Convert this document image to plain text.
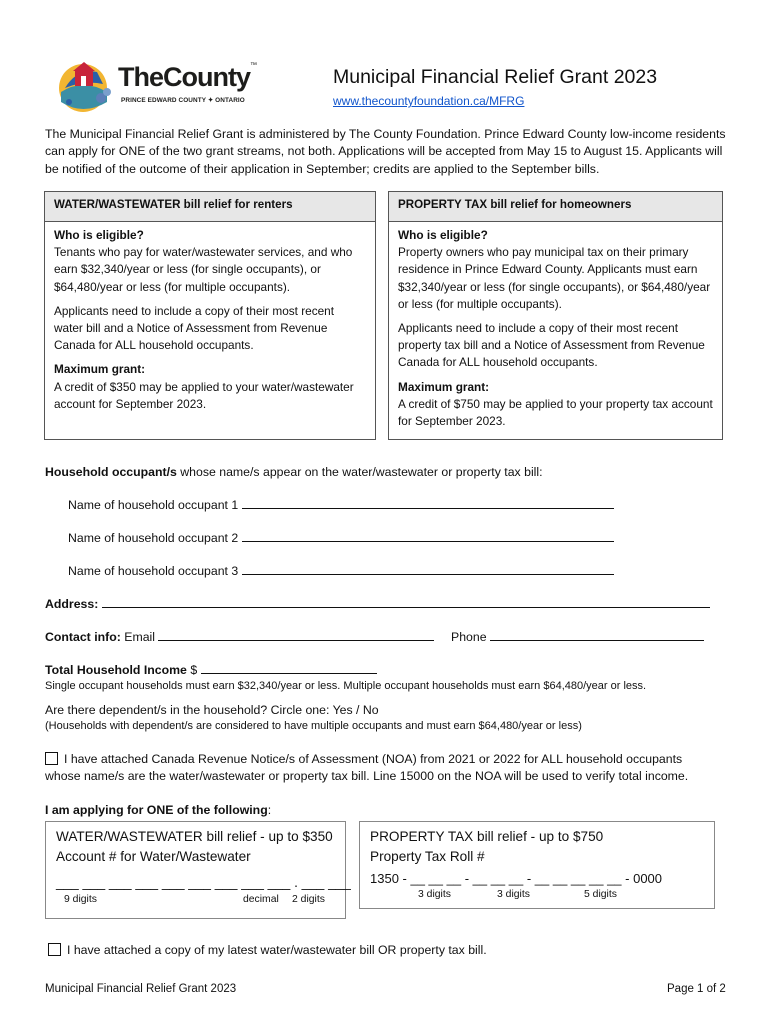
TheCounty™
PRINCE EDWARD COUNTY ✦ ONTARIO
Municipal Financial Relief Grant 2023
www.thecountyfoundation.ca/MFRG
The Municipal Financial Relief Grant is administered by The County Foundation. Prince Edward County low-income residents can apply for ONE of the two grant streams, not both. Applications will be accepted from May 15 to August 15. Applicants will be notified of the outcome of their application in September; credits are applied to the September bills.
WATER/WASTEWATER bill relief for renters

Who is eligible?
Tenants who pay for water/wastewater services, and who earn $32,340/year or less (for single occupants), or $64,480/year or less (for multiple occupants).

Applicants need to include a copy of their most recent water bill and a Notice of Assessment from Revenue Canada for ALL household occupants.

Maximum grant:
A credit of $350 may be applied to your water/wastewater account for September 2023.

PROPERTY TAX bill relief for homeowners

Who is eligible?
Property owners who pay municipal tax on their primary residence in Prince Edward County. Applicants must earn $32,340/year or less (for single occupants), or $64,480/year or less (for multiple occupants).

Applicants need to include a copy of their most recent property tax bill and a Notice of Assessment from Revenue Canada for ALL household occupants.

Maximum grant:
A credit of $750 may be applied to your property tax account for September 2023.

Household occupant/s whose name/s appear on the water/wastewater or property tax bill:
Name of household occupant 1
Name of household occupant 2
Name of household occupant 3
Address:
Contact info: Email	Phone
Total Household Income $
Single occupant households must earn $32,340/year or less. Multiple occupant households must earn $64,480/year or less.
Are there dependent/s in the household? Circle one: Yes / No
(Households with dependent/s are considered to have multiple occupants and must earn $64,480/year or less)
I have attached Canada Revenue Notice/s of Assessment (NOA) from 2021 or 2022 for ALL household occupants
whose name/s are the water/wastewater or property tax bill. Line 15000 on the NOA will be used to verify total income.
I am applying for ONE of the following:
WATER/WASTEWATER bill relief - up to $350
Account # for Water/Wastewater
___ ___ ___ ___ ___ ___ ___ ___ ___ . ___ ___
9 digits	decimal 2 digits
PROPERTY TAX bill relief - up to $750
Property Tax Roll #
1350 - __ __ __ - __ __ __ - __ __ __ __ __ - 0000
3 digits	3 digits	5 digits
I have attached a copy of my latest water/wastewater bill OR property tax bill.
Municipal Financial Relief Grant 2023	Page 1 of 2
